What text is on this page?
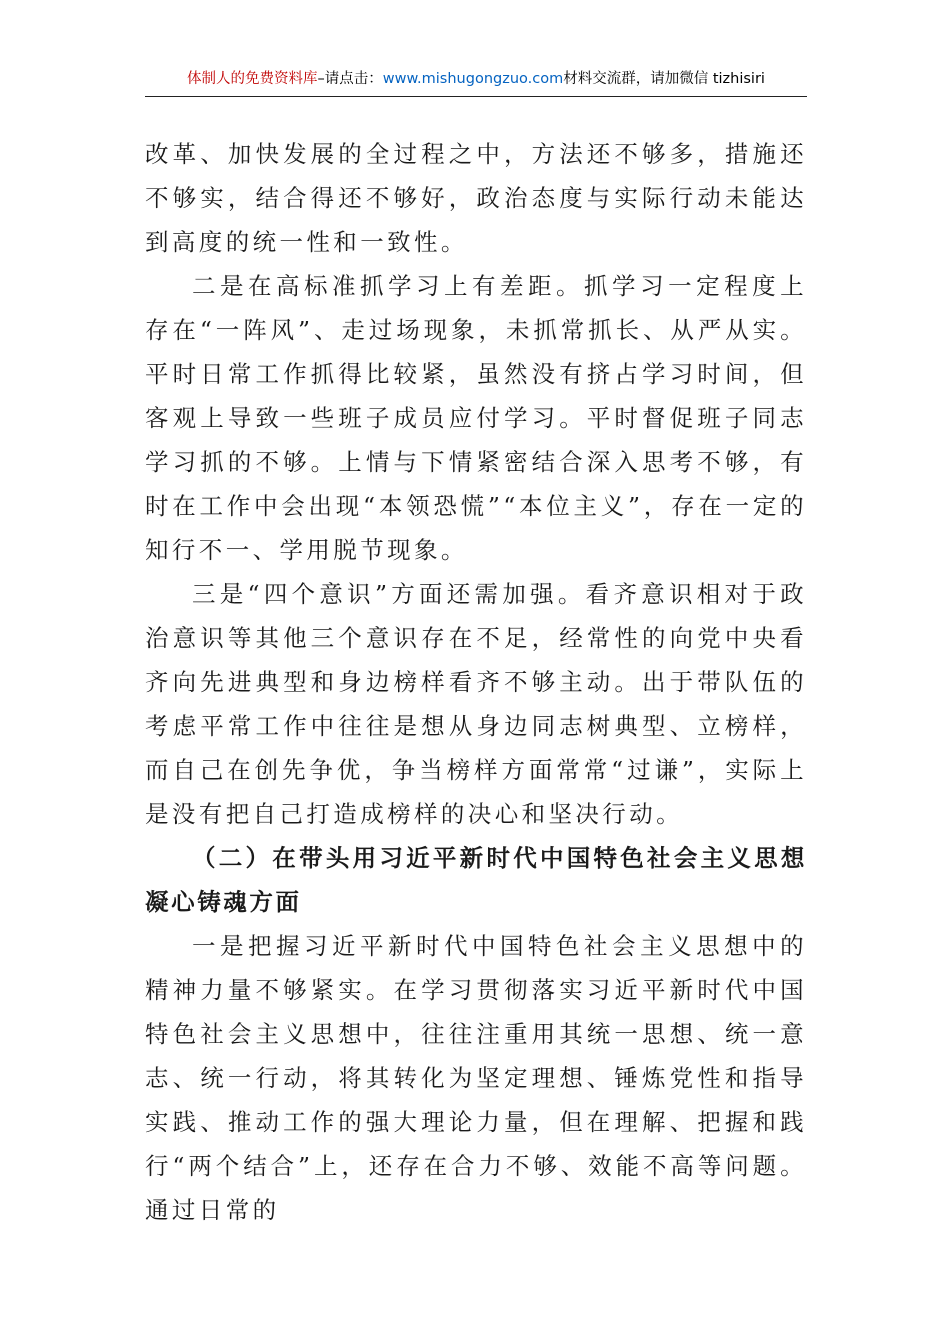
体制人的免费资料库–请点击：www.mishugongzuo.com材料交流群，请加微信 tizhisiri

改革、加快发展的全过程之中，方法还不够多，措施还不够实，结合得还不够好，政治态度与实际行动未能达到高度的统一性和一致性。

二是在高标准抓学习上有差距。抓学习一定程度上存在“一阵风”、走过场现象，未抓常抓长、从严从实。平时日常工作抓得比较紧，虽然没有挤占学习时间，但客观上导致一些班子成员应付学习。平时督促班子同志学习抓的不够。上情与下情紧密结合深入思考不够，有时在工作中会出现“本领恐慌”“本位主义”，存在一定的知行不一、学用脱节现象。

三是“四个意识”方面还需加强。看齐意识相对于政治意识等其他三个意识存在不足，经常性的向党中央看齐向先进典型和身边榜样看齐不够主动。出于带队伍的考虑平常工作中往往是想从身边同志树典型、立榜样，而自己在创先争优，争当榜样方面常常“过谦”，实际上是没有把自己打造成榜样的决心和坚决行动。

（二）在带头用习近平新时代中国特色社会主义思想凝心铸魂方面

一是把握习近平新时代中国特色社会主义思想中的精神力量不够紧实。在学习贯彻落实习近平新时代中国特色社会主义思想中，往往注重用其统一思想、统一意志、统一行动，将其转化为坚定理想、锤炼党性和指导实践、推动工作的强大理论力量，但在理解、把握和践行“两个结合”上，还存在合力不够、效能不高等问题。通过日常的
